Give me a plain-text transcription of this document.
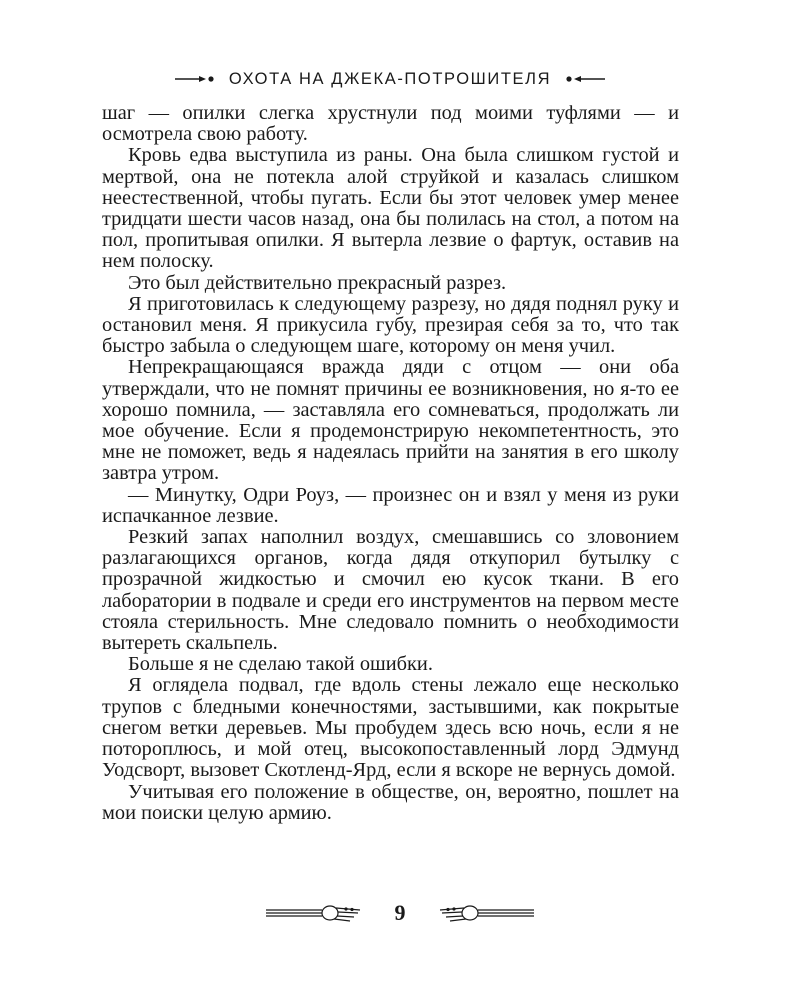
ОХОТА НА ДЖЕКА-ПОТРОШИТЕЛЯ

шаг — опилки слегка хрустнули под моими туфлями — и осмотрела свою работу.

Кровь едва выступила из раны. Она была слишком густой и мертвой, она не потекла алой струйкой и казалась слишком неестественной, чтобы пугать. Если бы этот человек умер менее тридцати шести часов назад, она бы полилась на стол, а потом на пол, пропитывая опилки. Я вытерла лезвие о фартук, оставив на нем полоску.

Это был действительно прекрасный разрез.

Я приготовилась к следующему разрезу, но дядя поднял руку и остановил меня. Я прикусила губу, презирая себя за то, что так быстро забыла о следующем шаге, которому он меня учил.

Непрекращающаяся вражда дяди с отцом — они оба утверждали, что не помнят причины ее возникновения, но я-то ее хорошо помнила, — заставляла его сомневаться, продолжать ли мое обучение. Если я продемонстрирую некомпетентность, это мне не поможет, ведь я надеялась прийти на занятия в его школу завтра утром.

— Минутку, Одри Роуз, — произнес он и взял у меня из руки испачканное лезвие.

Резкий запах наполнил воздух, смешавшись со зловонием разлагающихся органов, когда дядя откупорил бутылку с прозрачной жидкостью и смочил ею кусок ткани. В его лаборатории в подвале и среди его инструментов на первом месте стояла стерильность. Мне следовало помнить о необходимости вытереть скальпель.

Больше я не сделаю такой ошибки.

Я оглядела подвал, где вдоль стены лежало еще несколько трупов с бледными конечностями, застывшими, как покрытые снегом ветки деревьев. Мы пробудем здесь всю ночь, если я не потороплюсь, и мой отец, высокопоставленный лорд Эдмунд Уодсворт, вызовет Скотленд-Ярд, если я вскоре не вернусь домой.

Учитывая его положение в обществе, он, вероятно, пошлет на мои поиски целую армию.

9
